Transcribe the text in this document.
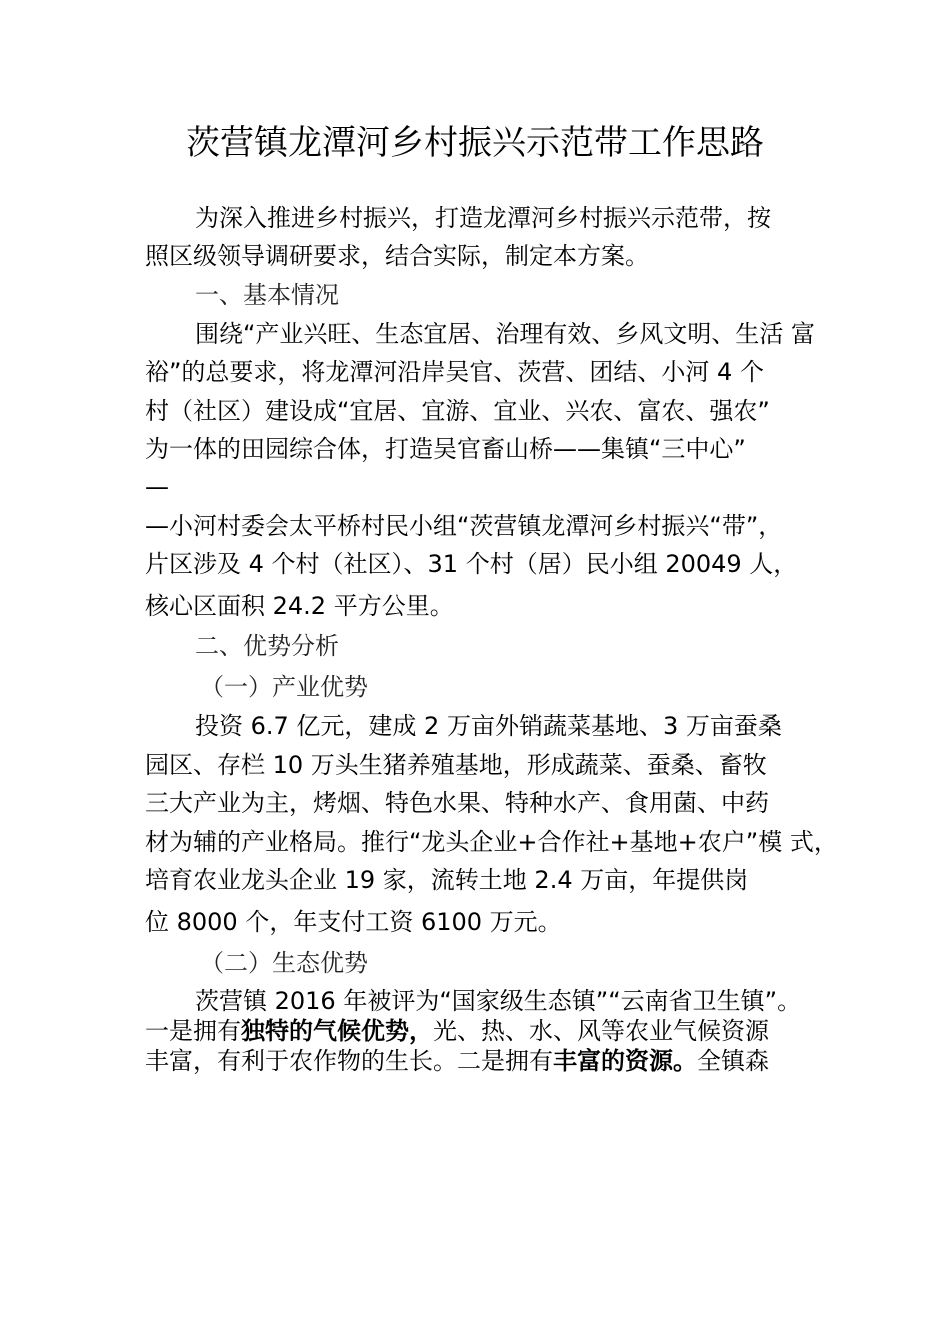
茨营镇龙潭河乡村振兴示范带工作思路
为深入推进乡村振兴，打造龙潭河乡村振兴示范带，按
照区级领导调研要求，结合实际，制定本方案。
一、基本情况
围绕“产业兴旺、生态宜居、治理有效、乡风文明、生活 富
裕”的总要求，将龙潭河沿岸吴官、茨营、团结、小河 4 个
村（社区）建设成“宜居、宜游、宜业、兴农、富农、强农”
为一体的田园综合体，打造吴官畜山桥——集镇“三中心”
—
—小河村委会太平桥村民小组“茨营镇龙潭河乡村振兴“带”，
片区涉及 4 个村（社区）、31 个村（居）民小组 20049 人，
核心区面积 24.2 平方公里。
二、优势分析
（一）产业优势
投资 6.7 亿元，建成 2 万亩外销蔬菜基地、3 万亩蚕桑
园区、存栏 10 万头生猪养殖基地，形成蔬菜、蚕桑、畜牧
三大产业为主，烤烟、特色水果、特种水产、食用菌、中药
材为辅的产业格局。推行“龙头企业+合作社+基地+农户”模 式，
培育农业龙头企业 19 家，流转土地 2.4 万亩，年提供岗
位 8000 个，年支付工资 6100 万元。
（二）生态优势
茨营镇 2016 年被评为“国家级生态镇”“云南省卫生镇”。
一是拥有独特的气候优势，光、热、水、风等农业气候资源
丰富，有利于农作物的生长。二是拥有丰富的资源。全镇森
